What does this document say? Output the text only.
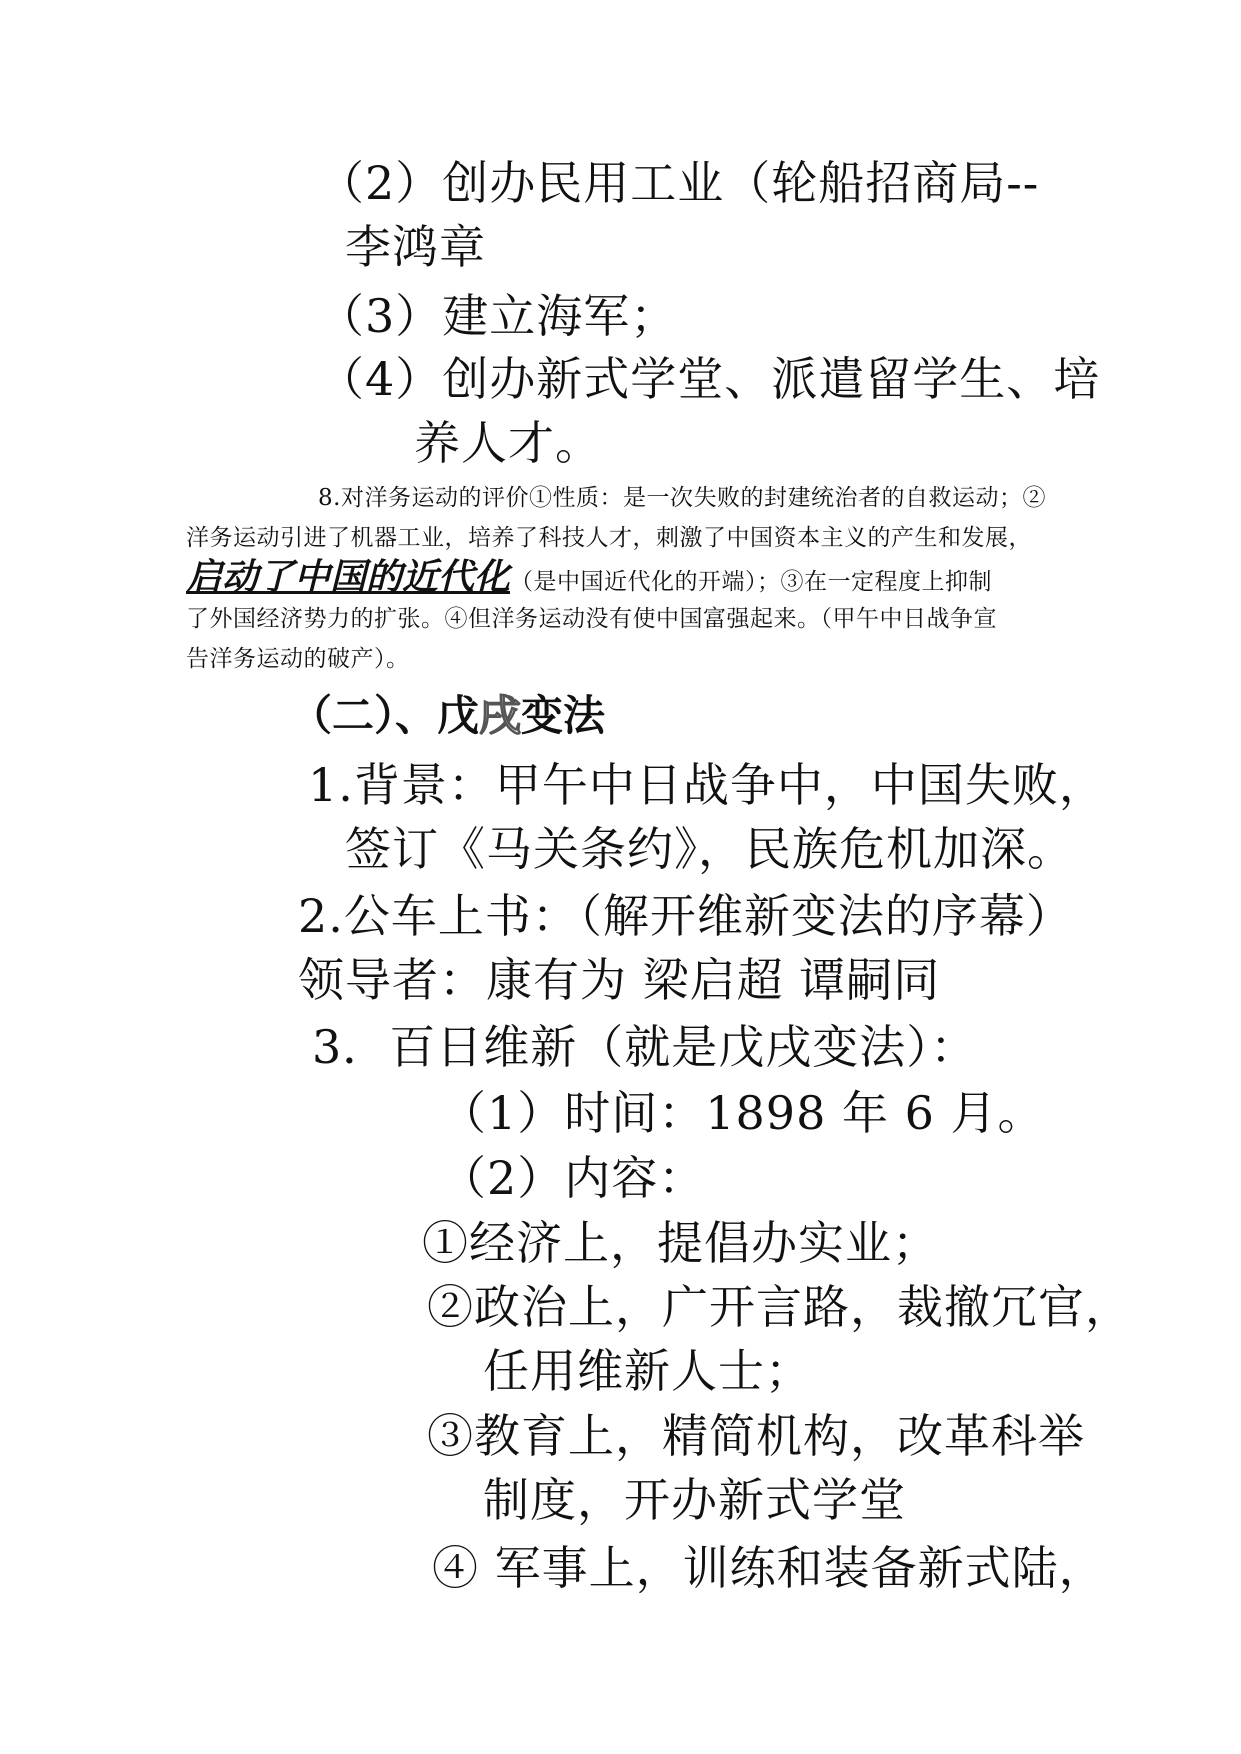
（2）创办民用工业（轮船招商局--
李鸿章
（3）建立海军；
（4）创办新式学堂、派遣留学生、培
养人才。
8.对洋务运动的评价①性质：是一次失败的封建统治者的自救运动；②
洋务运动引进了机器工业，培养了科技人才，刺激了中国资本主义的产生和发展，
启动了中国的近代化（是中国近代化的开端）；③在一定程度上抑制
了外国经济势力的扩张。④但洋务运动没有使中国富强起来。（甲午中日战争宣
告洋务运动的破产）。
（二）、戊戌变法
1.背景：甲午中日战争中，中国失败，
签订《马关条约》，民族危机加深。
2.公车上书：（解开维新变法的序幕）
领导者：康有为 梁启超 谭嗣同
3．百日维新（就是戊戌变法）：
（1）时间：1898 年 6 月。
（2）内容：
①经济上，提倡办实业；
②政治上，广开言路，裁撤冗官，
任用维新人士；
③教育上，精简机构，改革科举
制度，开办新式学堂
④ 军事上，训练和装备新式陆，
